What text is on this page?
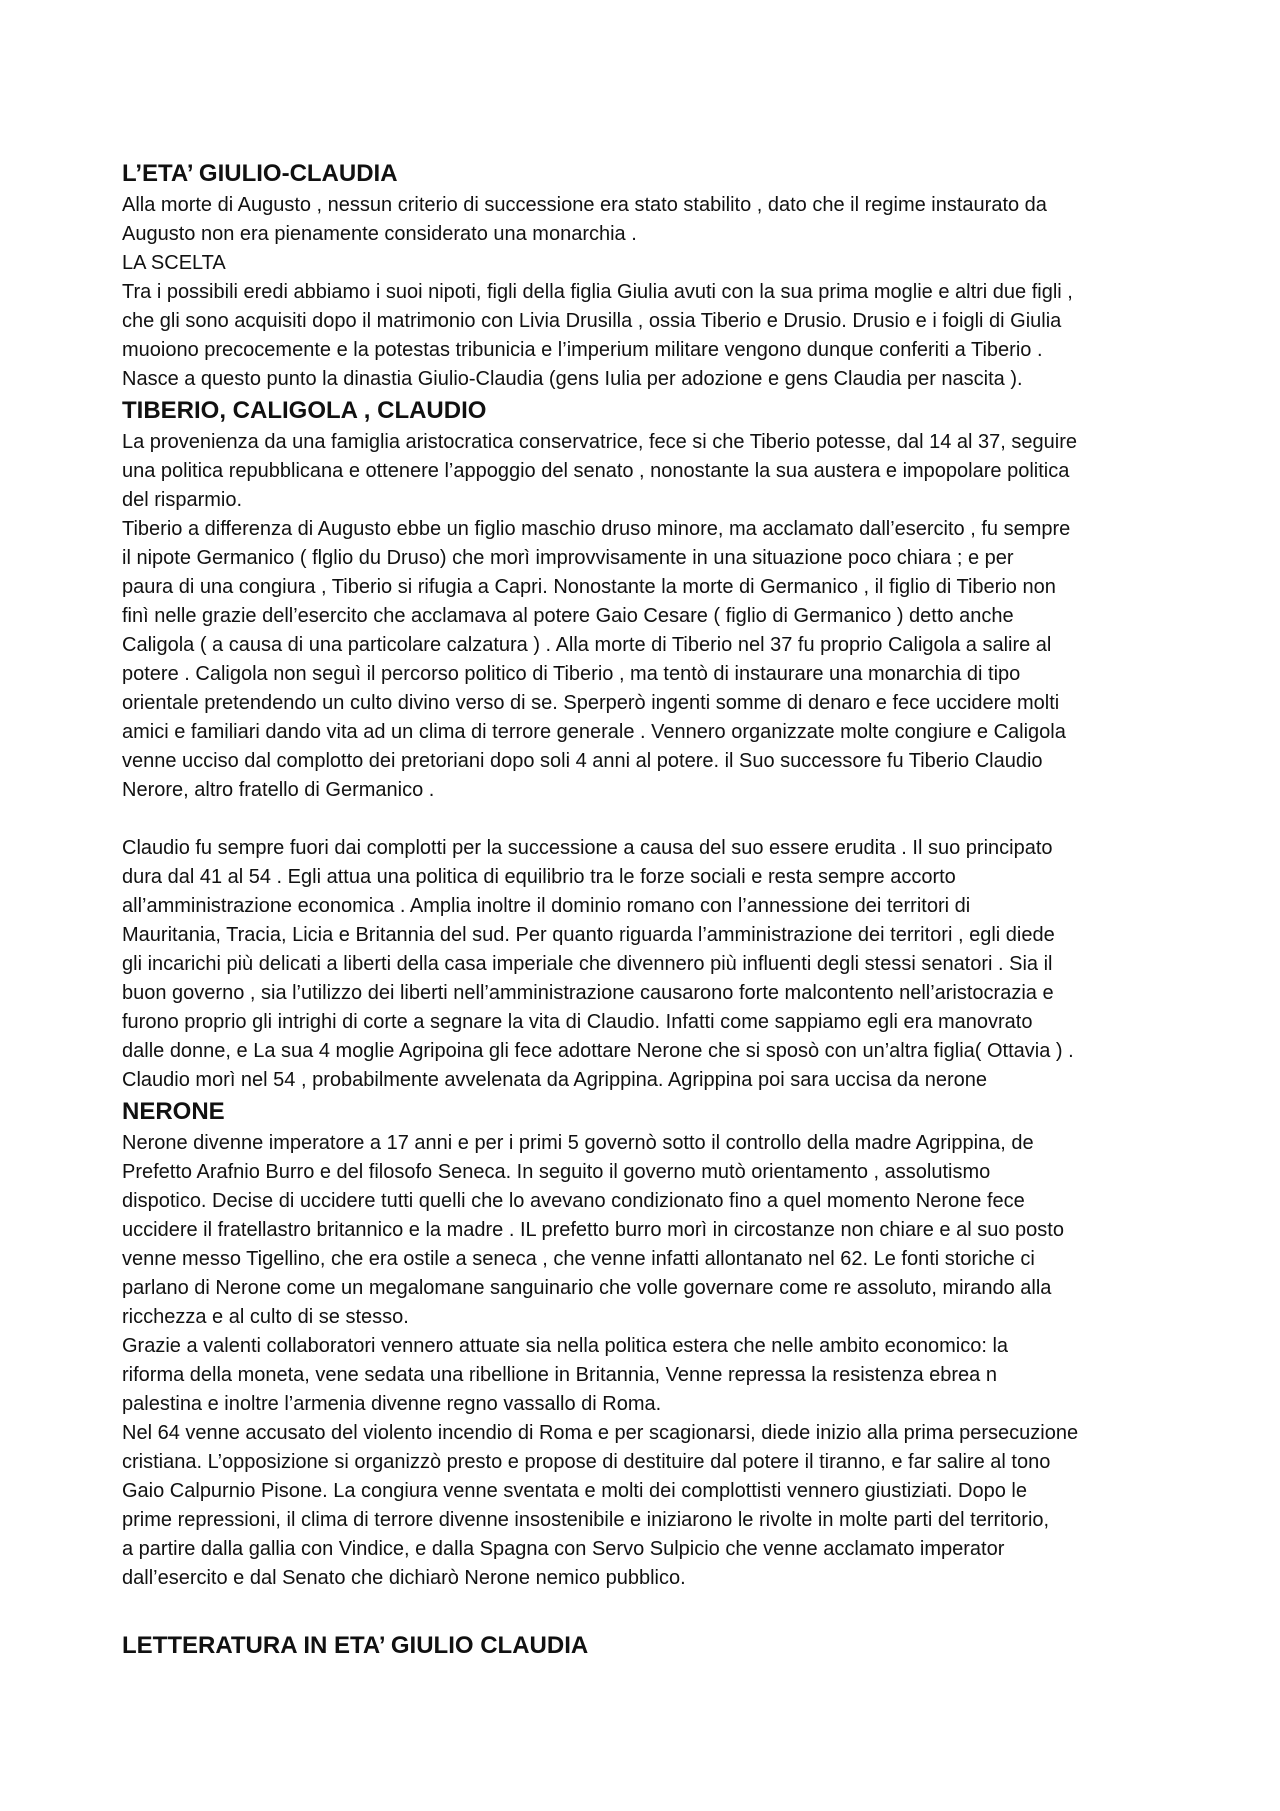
L’ETA’ GIULIO-CLAUDIA
Alla morte di Augusto , nessun criterio di successione era stato stabilito , dato che il regime instaurato da
Augusto non era pienamente considerato una monarchia .
LA SCELTA
Tra i possibili eredi abbiamo i suoi nipoti, figli della figlia Giulia avuti con la sua prima moglie e altri due figli ,
che gli sono acquisiti dopo il matrimonio con Livia Drusilla , ossia Tiberio e Drusio. Drusio e i foigli di Giulia
muoiono precocemente e la potestas tribunicia e l’imperium militare vengono dunque conferiti a Tiberio .
Nasce a questo punto la dinastia Giulio-Claudia (gens Iulia per adozione e gens Claudia per nascita ).
TIBERIO, CALIGOLA , CLAUDIO
La provenienza da una famiglia aristocratica conservatrice, fece si che Tiberio potesse, dal 14 al 37, seguire
una politica repubblicana e ottenere l’appoggio del senato , nonostante la sua austera e impopolare politica
del risparmio.
Tiberio a differenza di Augusto ebbe un figlio maschio druso minore, ma acclamato dall’esercito , fu sempre
il nipote Germanico ( flglio du Druso) che morì improvvisamente in una situazione poco chiara ; e per
paura di una congiura , Tiberio si rifugia a Capri. Nonostante la morte di Germanico , il figlio di Tiberio non
finì nelle grazie dell’esercito che acclamava al potere Gaio Cesare ( figlio di Germanico ) detto anche
Caligola ( a causa di una particolare calzatura ) . Alla morte di Tiberio nel 37 fu proprio Caligola a salire al
potere . Caligola non seguì il percorso politico di Tiberio , ma tentò di instaurare una monarchia di tipo
orientale pretendendo un culto divino verso di se. Sperperò ingenti somme di denaro e fece uccidere molti
amici e familiari dando vita ad un clima di terrore generale . Vennero organizzate molte congiure e Caligola
venne ucciso dal complotto dei pretoriani dopo soli 4 anni al potere. il Suo successore fu Tiberio Claudio
Nerore, altro fratello di Germanico .
Claudio fu sempre fuori dai complotti per la successione a causa del suo essere erudita . Il suo principato
dura dal 41 al 54 . Egli attua una politica di equilibrio tra le forze sociali e resta sempre accorto
all’amministrazione economica . Amplia inoltre il dominio romano con l’annessione dei territori di
Mauritania, Tracia, Licia e Britannia del sud. Per quanto riguarda l’amministrazione dei territori , egli diede
gli incarichi più delicati a liberti della casa imperiale che divennero più influenti degli stessi senatori . Sia il
buon governo , sia l’utilizzo dei liberti nell’amministrazione causarono forte malcontento nell’aristocrazia e
furono proprio gli intrighi di corte a segnare la vita di Claudio. Infatti come sappiamo egli era manovrato
dalle donne, e La sua 4 moglie Agripoina gli fece adottare Nerone che si sposò con un’altra figlia( Ottavia ) .
Claudio morì nel 54 , probabilmente avvelenata da Agrippina. Agrippina poi sara uccisa da nerone
NERONE
Nerone divenne imperatore a 17 anni e per i primi 5 governò sotto il controllo della madre Agrippina, de
Prefetto Arafnio Burro e del filosofo Seneca. In seguito il governo mutò orientamento , assolutismo
dispotico. Decise di uccidere tutti quelli che lo avevano condizionato fino a quel momento Nerone fece
uccidere il fratellastro britannico e la madre . IL prefetto burro morì in circostanze non chiare e al suo posto
venne messo Tigellino, che era ostile a seneca , che venne infatti allontanato nel 62. Le fonti storiche ci
parlano di Nerone come un megalomane sanguinario che volle governare come re assoluto, mirando alla
ricchezza e al culto di se stesso.
Grazie a valenti collaboratori vennero attuate sia nella politica estera che nelle ambito economico: la
riforma della moneta, vene sedata una ribellione in Britannia, Venne repressa la resistenza ebrea n
palestina e inoltre l’armenia divenne regno vassallo di Roma.
Nel 64 venne accusato del violento incendio di Roma e per scagionarsi, diede inizio alla prima persecuzione
cristiana. L’opposizione si organizzò presto e propose di destituire dal potere il tiranno, e far salire al tono
Gaio Calpurnio Pisone. La congiura venne sventata e molti dei complottisti vennero giustiziati. Dopo le
prime repressioni, il clima di terrore divenne insostenibile e iniziarono le rivolte in molte parti del territorio,
a partire dalla gallia con Vindice, e dalla Spagna con Servo Sulpicio che venne acclamato imperator
dall’esercito e dal Senato che dichiarò Nerone nemico pubblico.
LETTERATURA IN ETA’ GIULIO CLAUDIA
